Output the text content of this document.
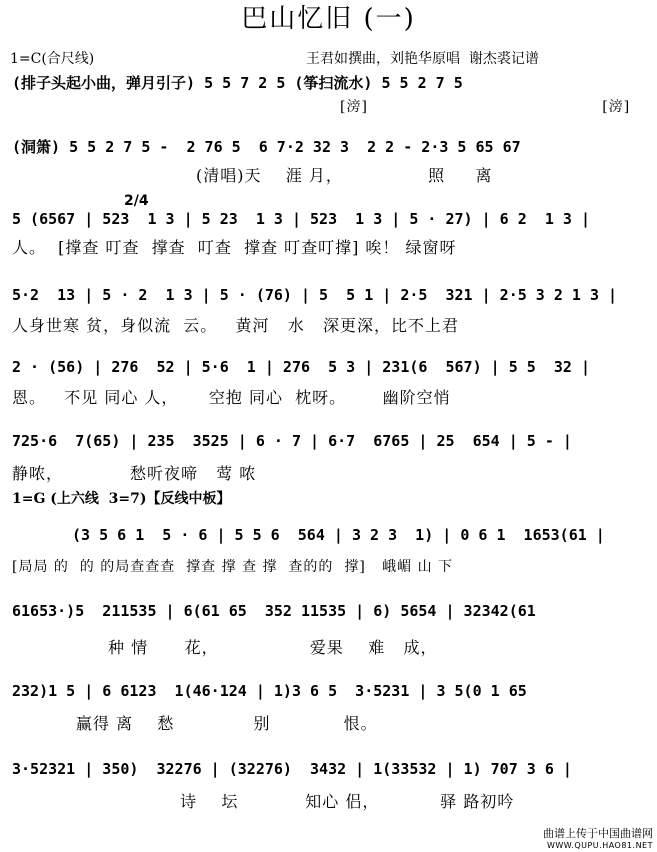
巴山忆旧 (一)
1=C(合尺线)	王君如撰曲，刘艳华原唱  谢杰裘记谱
(排子头起小曲，弹月引子) 5 5 7 2 5 (筝扫流水) 5 5 2 7 5
[滂]                                           [滂]
(洞箫) 5 5 2 7 5 -  2 76 5  6 7·2 32 3  2 2 - 2·3 5 65 67
(清唱)天    涯 月，              照     离
2/4
5 (6567 | 523  1 3 | 5 23  1 3 | 523  1 3 | 5 · 27) | 6 2  1 3 |
人。  [撑查 叮查  撑查  叮查  撑查 叮查叮撑] 唉！ 绿窗呀
5·2  13 | 5 · 2  1 3 | 5 · (76) | 5  5 1 | 2·5  321 | 2·5 3 2 1 3 |
人身世寒 贫，身似流  云。   黄河   水   深更深，比不上君
2 · (56) | 276  52 | 5·6  1 | 276  5 3 | 231(6  567) | 5 5  32 |
恩。   不见 同心 人，     空抱 同心  枕呀。      幽阶空悄
725·6  7(65) | 235  3525 | 6 · 7 | 6·7  6765 | 25  654 | 5 - |
静哝，           愁听夜啼   莺 哝
1=G (上六线  3=7)【反线中板】
(3 5 6 1  5 · 6 | 5 5 6  564 | 3 2 3  1) | 0 6 1  1653(61 |
[局局 的  的 的局查查查  撑查 撑 查 撑  查的的  撑]   峨嵋 山 下
61653·)5  211535 | 6(61 65  352 11535 | 6) 5654 | 32342(61
种 情      花，               爱果    难   成，
232)1 5 | 6 6123  1(46·124 | 1)3 6 5  3·5231 | 3 5(0 1 65
赢得 离    愁             别            恨。
3·52321 | 350)  32276 | (32276)  3432 | 1(33532 | 1) 707 3 6 |
诗    坛           知心 侣，          驿 路初吟
曲谱上传于中国曲谱网
WWW.QUPU.HAO81.NET
